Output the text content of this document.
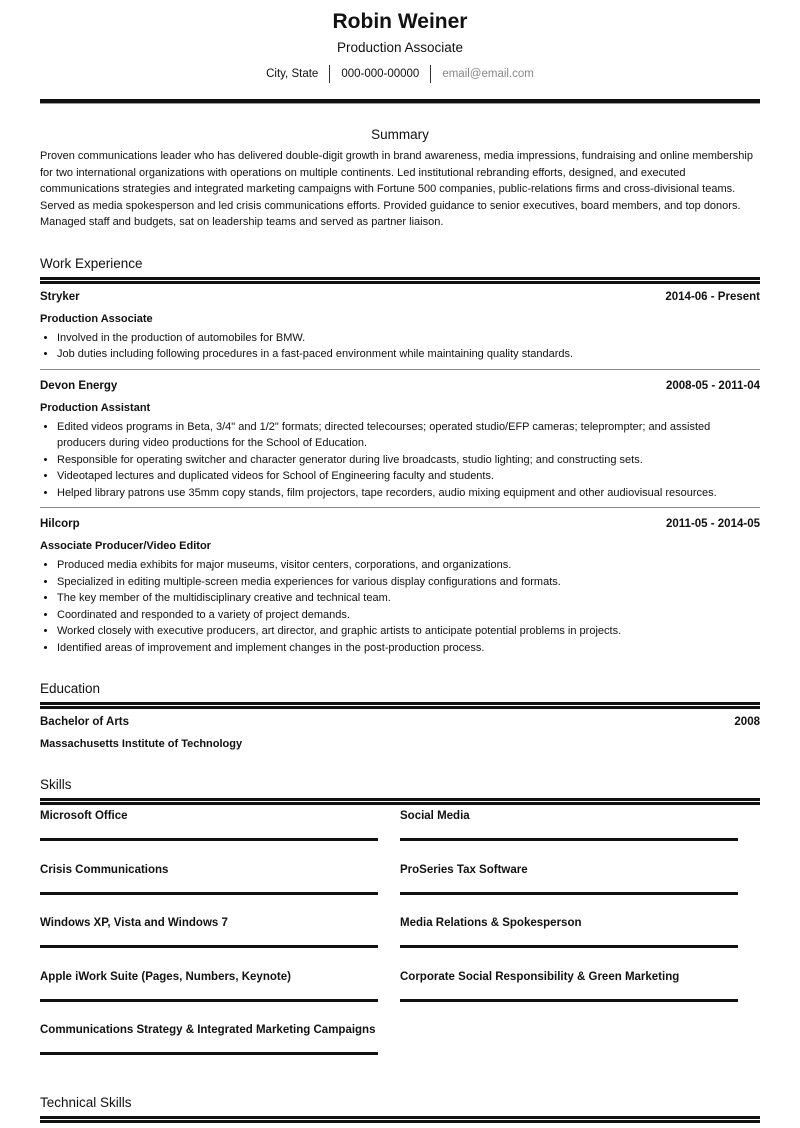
Robin Weiner
Production Associate
City, State	000-000-00000	email@email.com
Summary
Proven communications leader who has delivered double-digit growth in brand awareness, media impressions, fundraising and online membership for two international organizations with operations on multiple continents. Led institutional rebranding efforts, designed, and executed communications strategies and integrated marketing campaigns with Fortune 500 companies, public-relations firms and cross-divisional teams. Served as media spokesperson and led crisis communications efforts. Provided guidance to senior executives, board members, and top donors. Managed staff and budgets, sat on leadership teams and served as partner liaison.
Work Experience
Stryker	2014-06 - Present
Production Associate
• Involved in the production of automobiles for BMW.
• Job duties including following procedures in a fast-paced environment while maintaining quality standards.
Devon Energy	2008-05 - 2011-04
Production Assistant
• Edited videos programs in Beta, 3/4" and 1/2" formats; directed telecourses; operated studio/EFP cameras; teleprompter; and assisted producers during video productions for the School of Education.
• Responsible for operating switcher and character generator during live broadcasts, studio lighting; and constructing sets.
• Videotaped lectures and duplicated videos for School of Engineering faculty and students.
• Helped library patrons use 35mm copy stands, film projectors, tape recorders, audio mixing equipment and other audiovisual resources.
Hilcorp	2011-05 - 2014-05
Associate Producer/Video Editor
• Produced media exhibits for major museums, visitor centers, corporations, and organizations.
• Specialized in editing multiple-screen media experiences for various display configurations and formats.
• The key member of the multidisciplinary creative and technical team.
• Coordinated and responded to a variety of project demands.
• Worked closely with executive producers, art director, and graphic artists to anticipate potential problems in projects.
• Identified areas of improvement and implement changes in the post-production process.
Education
Bachelor of Arts	2008
Massachusetts Institute of Technology
Skills
Microsoft Office	Social Media
Crisis Communications	ProSeries Tax Software
Windows XP, Vista and Windows 7	Media Relations & Spokesperson
Apple iWork Suite (Pages, Numbers, Keynote)	Corporate Social Responsibility & Green Marketing
Communications Strategy & Integrated Marketing Campaigns
Technical Skills
